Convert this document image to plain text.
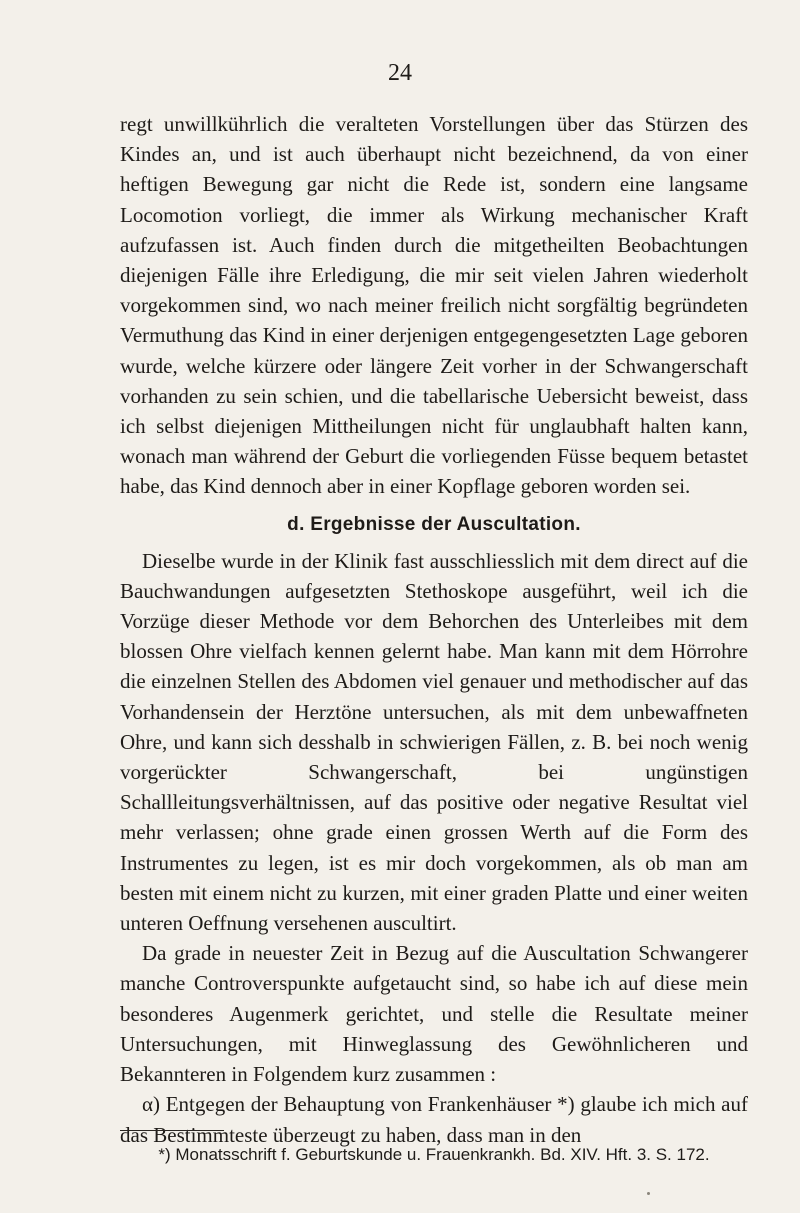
24

regt unwillkührlich die veralteten Vorstellungen über das Stürzen des Kindes an, und ist auch überhaupt nicht bezeichnend, da von einer heftigen Bewegung gar nicht die Rede ist, sondern eine langsame Locomotion vorliegt, die immer als Wirkung mechanischer Kraft aufzufassen ist. Auch finden durch die mitgetheilten Beobachtungen diejenigen Fälle ihre Erledigung, die mir seit vielen Jahren wiederholt vorgekommen sind, wo nach meiner freilich nicht sorgfältig begründeten Vermuthung das Kind in einer derjenigen entgegengesetzten Lage geboren wurde, welche kürzere oder längere Zeit vorher in der Schwangerschaft vorhanden zu sein schien, und die tabellarische Uebersicht beweist, dass ich selbst diejenigen Mittheilungen nicht für unglaubhaft halten kann, wonach man während der Geburt die vorliegenden Füsse bequem betastet habe, das Kind dennoch aber in einer Kopflage geboren worden sei.

d. Ergebnisse der Auscultation.

Dieselbe wurde in der Klinik fast ausschliesslich mit dem direct auf die Bauchwandungen aufgesetzten Stethoskope ausgeführt, weil ich die Vorzüge dieser Methode vor dem Behorchen des Unterleibes mit dem blossen Ohre vielfach kennen gelernt habe. Man kann mit dem Hörrohre die einzelnen Stellen des Abdomen viel genauer und methodischer auf das Vorhandensein der Herztöne untersuchen, als mit dem unbewaffneten Ohre, und kann sich desshalb in schwierigen Fällen, z. B. bei noch wenig vorgerückter Schwangerschaft, bei ungünstigen Schallleitungsverhältnissen, auf das positive oder negative Resultat viel mehr verlassen; ohne grade einen grossen Werth auf die Form des Instrumentes zu legen, ist es mir doch vorgekommen, als ob man am besten mit einem nicht zu kurzen, mit einer graden Platte und einer weiten unteren Oeffnung versehenen auscultirt.

Da grade in neuester Zeit in Bezug auf die Auscultation Schwangerer manche Controverspunkte aufgetaucht sind, so habe ich auf diese mein besonderes Augenmerk gerichtet, und stelle die Resultate meiner Untersuchungen, mit Hinweglassung des Gewöhnlicheren und Bekannteren in Folgendem kurz zusammen :

α) Entgegen der Behauptung von Frankenhäuser *) glaube ich mich auf das Bestimmteste überzeugt zu haben, dass man in den

*) Monatsschrift f. Geburtskunde u. Frauenkrankh. Bd. XIV. Hft. 3. S. 172.
